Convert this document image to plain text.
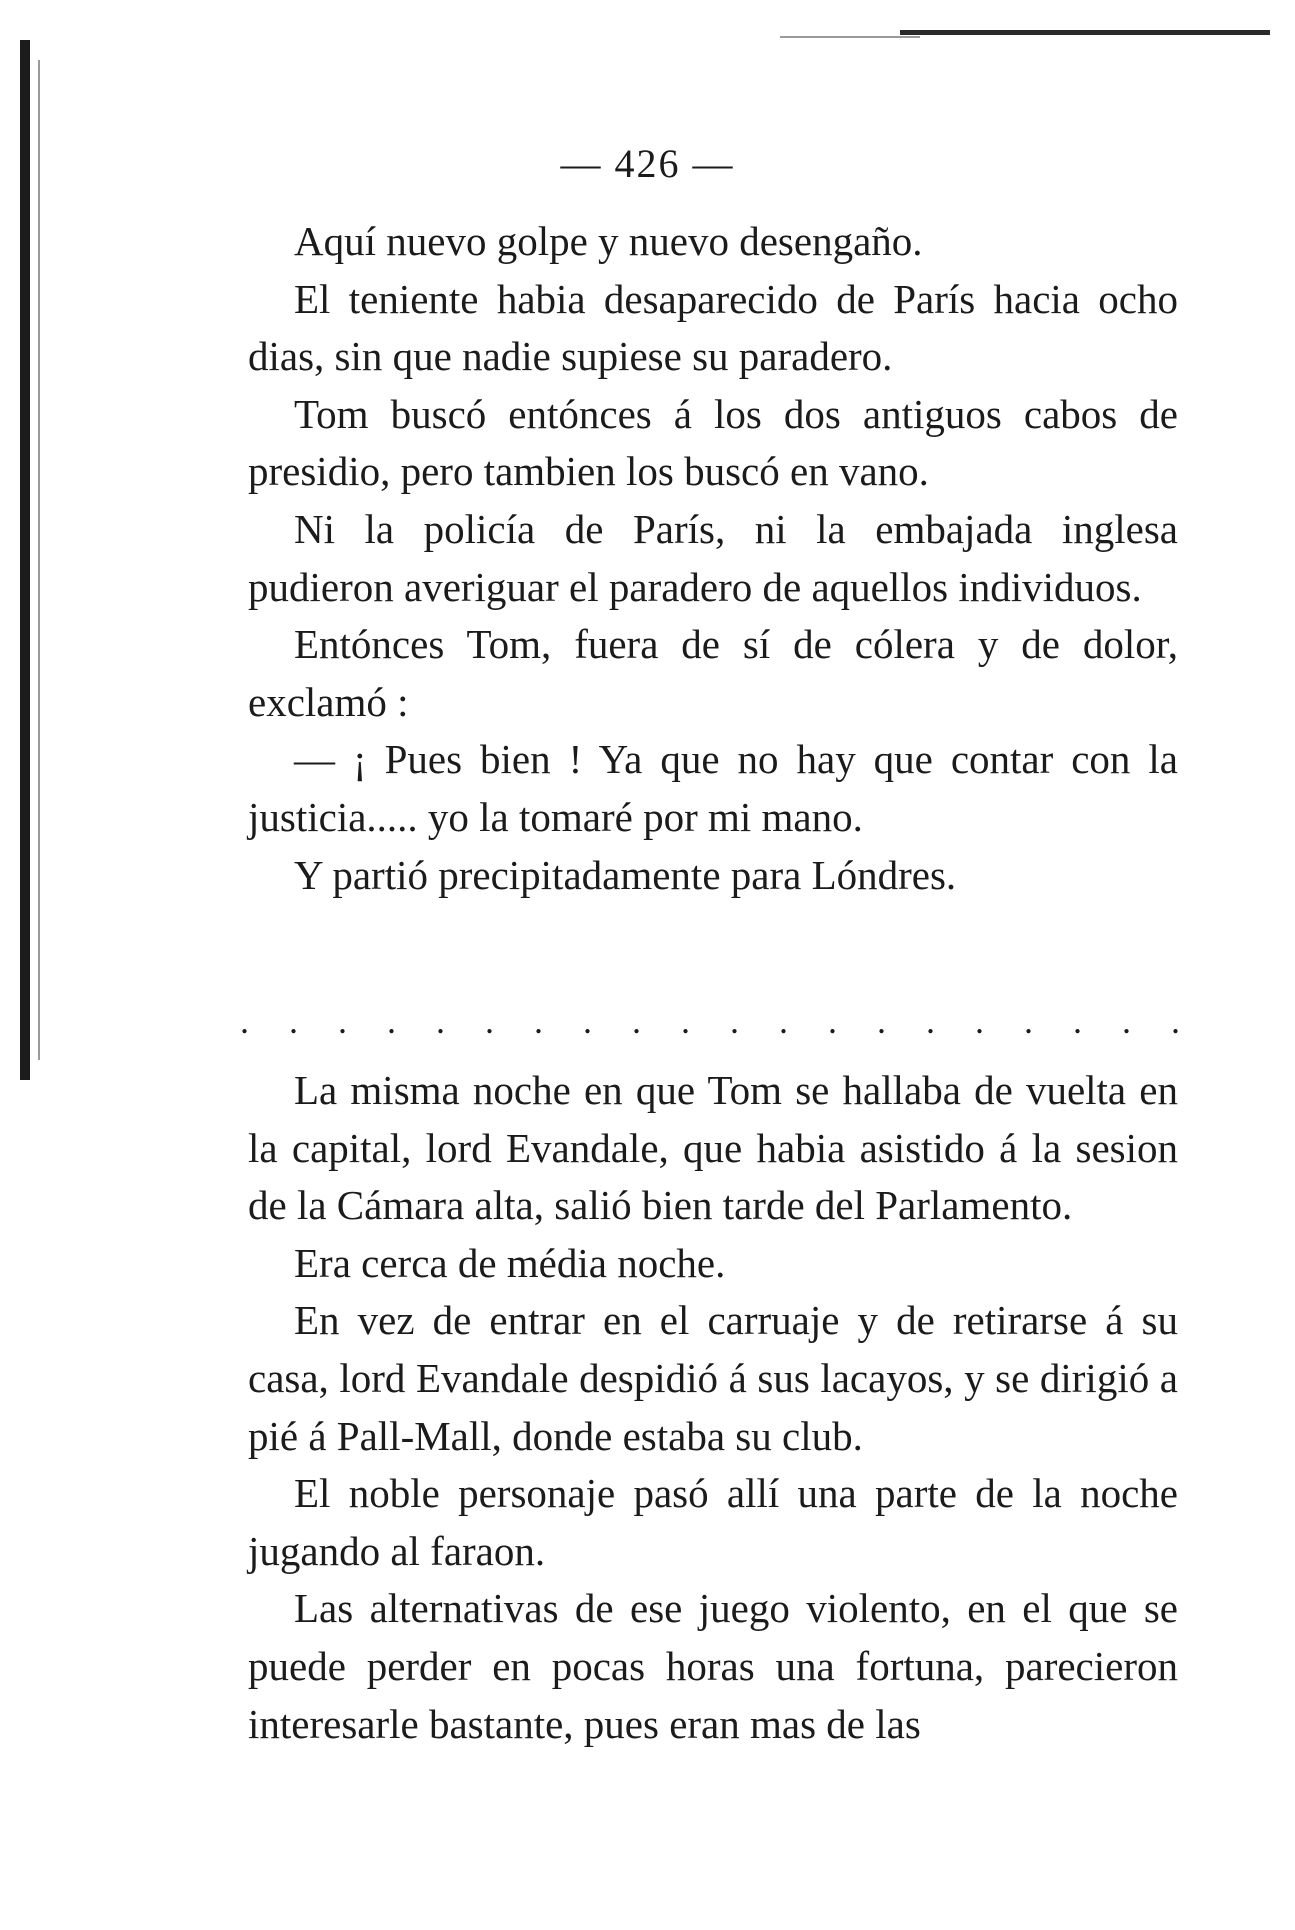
— 426 —

Aquí nuevo golpe y nuevo desengaño.

El teniente habia desaparecido de París hacia ocho dias, sin que nadie supiese su paradero.

Tom buscó entónces á los dos antiguos cabos de presidio, pero tambien los buscó en vano.

Ni la policía de París, ni la embajada inglesa pudieron averiguar el paradero de aquellos individuos.

Entónces Tom, fuera de sí de cólera y de dolor, exclamó :

— ¡ Pues bien ! Ya que no hay que contar con la justicia..... yo la tomaré por mi mano.

Y partió precipitadamente para Lóndres.

. . . . . . . . . . . . . . . . . . . .

La misma noche en que Tom se hallaba de vuelta en la capital, lord Evandale, que habia asistido á la sesion de la Cámara alta, salió bien tarde del Parlamento.

Era cerca de média noche.

En vez de entrar en el carruaje y de retirarse á su casa, lord Evandale despidió á sus lacayos, y se dirigió a pié á Pall-Mall, donde estaba su club.

El noble personaje pasó allí una parte de la noche jugando al faraon.

Las alternativas de ese juego violento, en el que se puede perder en pocas horas una fortuna, parecieron interesarle bastante, pues eran mas de las
